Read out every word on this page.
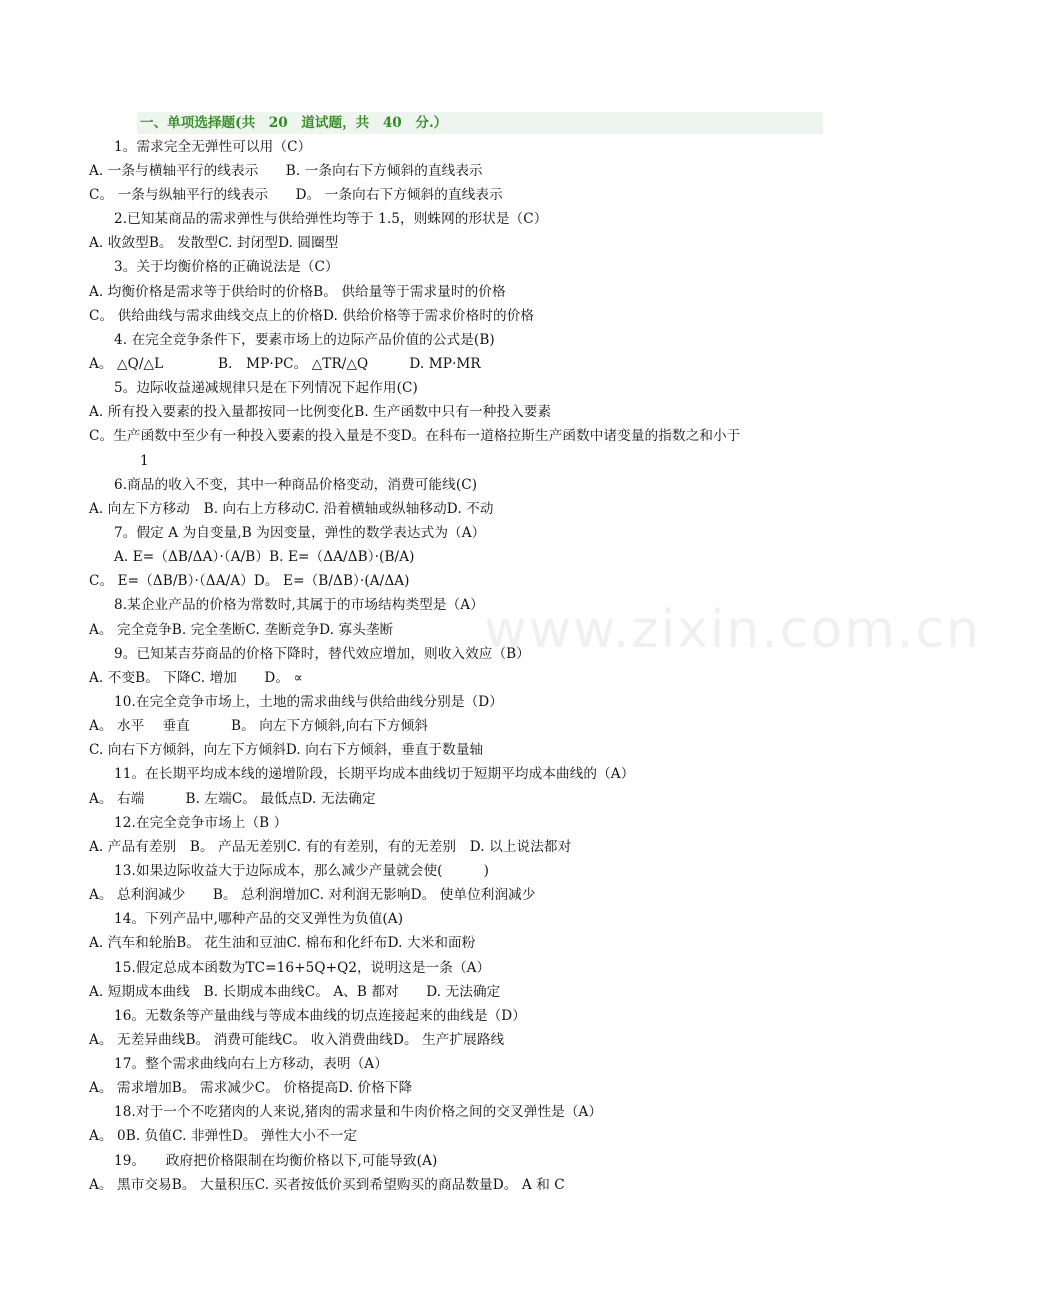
一、单项选择题(共　20　道试题，共　40　分.）
www.zixin.com.cn
1。需求完全无弹性可以用（C）
A. 一条与横轴平行的线表示　　B. 一条向右下方倾斜的直线表示
C。 一条与纵轴平行的线表示　　D。 一条向右下方倾斜的直线表示
2.已知某商品的需求弹性与供给弹性均等于 1.5，则蛛网的形状是（C）
A. 收敛型B。 发散型C. 封闭型D. 圆圈型
3。关于均衡价格的正确说法是（C）
A. 均衡价格是需求等于供给时的价格B。 供给量等于需求量时的价格
C。 供给曲线与需求曲线交点上的价格D. 供给价格等于需求价格时的价格
4. 在完全竞争条件下，要素市场上的边际产品价值的公式是(B)
A。 △Q/△L　　　　B.　MP·PC。 △TR/△Q　　　D. MP·MR
5。边际收益递减规律只是在下列情况下起作用(C)
A. 所有投入要素的投入量都按同一比例变化B. 生产函数中只有一种投入要素
C。生产函数中至少有一种投入要素的投入量是不变D。在科布一道格拉斯生产函数中诸变量的指数之和小于
1
6.商品的收入不变，其中一种商品价格变动，消费可能线(C)
A. 向左下方移动　B. 向右上方移动C. 沿着横轴或纵轴移动D. 不动
7。假定 A 为自变量,B 为因变量，弹性的数学表达式为（A）
A. E=（ΔB/ΔA）·（A/B）B. E=（ΔA/ΔB）·(B/A)
C。 E=（ΔB/B）·（ΔA/A）D。 E=（B/ΔB）·(A/ΔA)
8.某企业产品的价格为常数时,其属于的市场结构类型是（A）
A。 完全竞争B. 完全垄断C. 垄断竞争D. 寡头垄断
9。已知某吉芬商品的价格下降时，替代效应增加，则收入效应（B）
A. 不变B。 下降C. 增加　　D。 ∝
10.在完全竞争市场上，土地的需求曲线与供给曲线分别是（D）
A。 水平　 垂直　　　B。 向左下方倾斜,向右下方倾斜
C. 向右下方倾斜，向左下方倾斜D. 向右下方倾斜，垂直于数量轴
11。在长期平均成本线的递增阶段，长期平均成本曲线切于短期平均成本曲线的（A）
A。 右端　　　B. 左端C。 最低点D. 无法确定
12.在完全竞争市场上（B ）
A. 产品有差别　B。 产品无差别C. 有的有差别，有的无差别　D. 以上说法都对
13.如果边际收益大于边际成本，那么减少产量就会使(　　　)
A。 总利润减少　　B。 总利润增加C. 对利润无影响D。 使单位利润减少
14。下列产品中,哪种产品的交叉弹性为负值(A)
A. 汽车和轮胎B。 花生油和豆油C. 棉布和化纤布D. 大米和面粉
15.假定总成本函数为TC=16+5Q+Q2，说明这是一条（A）
A. 短期成本曲线　B. 长期成本曲线C。 A、B 都对　　D. 无法确定
16。无数条等产量曲线与等成本曲线的切点连接起来的曲线是（D）
A。 无差异曲线B。 消费可能线C。 收入消费曲线D。 生产扩展路线
17。整个需求曲线向右上方移动，表明（A）
A。 需求增加B。 需求减少C。 价格提高D. 价格下降
18.对于一个不吃猪肉的人来说,猪肉的需求量和牛肉价格之间的交叉弹性是（A）
A。 0B. 负值C. 非弹性D。 弹性大小不一定
19。　　政府把价格限制在均衡价格以下,可能导致(A)
A。 黑市交易B。 大量积压C. 买者按低价买到希望购买的商品数量D。 A 和 C
